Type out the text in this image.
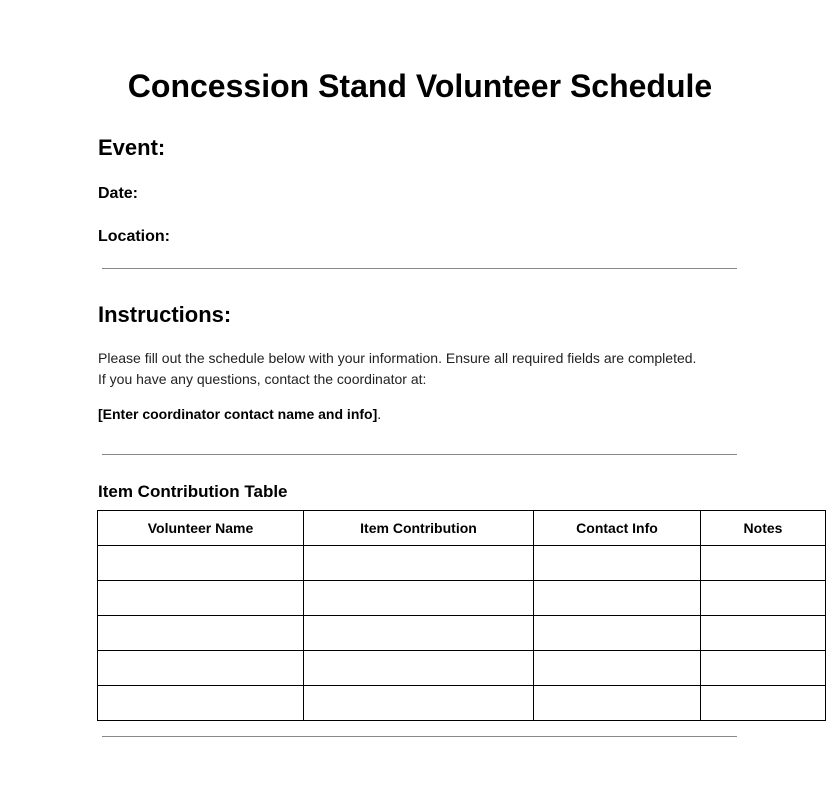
Concession Stand Volunteer Schedule
Event:

Date:

Location:

Instructions:

Please fill out the schedule below with your information. Ensure all required fields are completed. If you have any questions, contact the coordinator at:

[Enter coordinator contact name and info].

Item Contribution Table
Volunteer Name	Item Contribution	Contact Info	Notes
